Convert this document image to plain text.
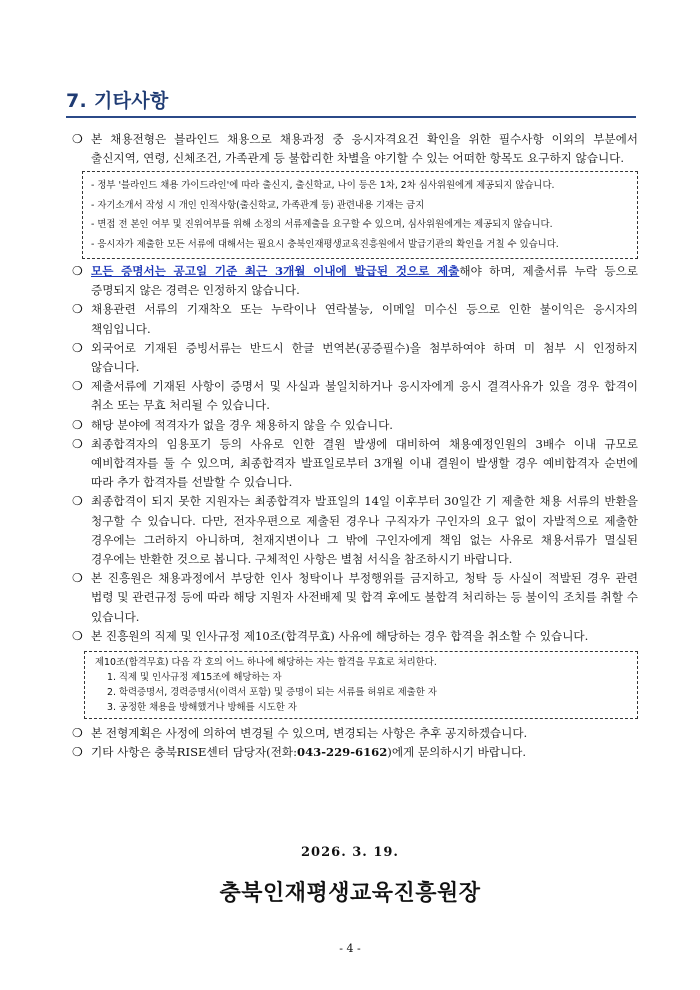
7. 기타사항
❍ 본 채용전형은 블라인드 채용으로 채용과정 중 응시자격요건 확인을 위한 필수사항 이외의 부분에서 출신지역, 연령, 신체조건, 가족관계 등 불합리한 차별을 야기할 수 있는 어떠한 항목도 요구하지 않습니다.
- 정부 '블라인드 채용 가이드라인'에 따라 출신지, 출신학교, 나이 등은 1차, 2차 심사위원에게 제공되지 않습니다.
- 자기소개서 작성 시 개인 인적사항(출신학교, 가족관계 등) 관련내용 기재는 금지
- 면접 전 본인 여부 및 진위여부를 위해 소정의 서류제출을 요구할 수 있으며, 심사위원에게는 제공되지 않습니다.
- 응시자가 제출한 모든 서류에 대해서는 필요시 충북인재평생교육진흥원에서 발급기관의 확인을 거칠 수 있습니다.
❍ 모든 증명서는 공고일 기준 최근 3개월 이내에 발급된 것으로 제출해야 하며, 제출서류 누락 등으로 증명되지 않은 경력은 인정하지 않습니다.
❍ 채용관련 서류의 기재착오 또는 누락이나 연락불능, 이메일 미수신 등으로 인한 불이익은 응시자의 책임입니다.
❍ 외국어로 기재된 증빙서류는 반드시 한글 번역본(공증필수)을 첨부하여야 하며 미 첨부 시 인정하지 않습니다.
❍ 제출서류에 기재된 사항이 증명서 및 사실과 불일치하거나 응시자에게 응시 결격사유가 있을 경우 합격이 취소 또는 무효 처리될 수 있습니다.
❍ 해당 분야에 적격자가 없을 경우 채용하지 않을 수 있습니다.
❍ 최종합격자의 임용포기 등의 사유로 인한 결원 발생에 대비하여 채용예정인원의 3배수 이내 규모로 예비합격자를 둘 수 있으며, 최종합격자 발표일로부터 3개월 이내 결원이 발생할 경우 예비합격자 순번에 따라 추가 합격자를 선발할 수 있습니다.
❍ 최종합격이 되지 못한 지원자는 최종합격자 발표일의 14일 이후부터 30일간 기 제출한 채용 서류의 반환을 청구할 수 있습니다. 다만, 전자우편으로 제출된 경우나 구직자가 구인자의 요구 없이 자발적으로 제출한 경우에는 그러하지 아니하며, 천재지변이나 그 밖에 구인자에게 책임 없는 사유로 채용서류가 멸실된 경우에는 반환한 것으로 봅니다. 구체적인 사항은 별첨 서식을 참조하시기 바랍니다.
❍ 본 진흥원은 채용과정에서 부당한 인사 청탁이나 부정행위를 금지하고, 청탁 등 사실이 적발된 경우 관련 법령 및 관련규정 등에 따라 해당 지원자 사전배제 및 합격 후에도 불합격 처리하는 등 불이익 조치를 취할 수 있습니다.
❍ 본 진흥원의 직제 및 인사규정 제10조(합격무효) 사유에 해당하는 경우 합격을 취소할 수 있습니다.
제10조(합격무효) 다음 각 호의 어느 하나에 해당하는 자는 합격을 무효로 처리한다.
1. 직제 및 인사규정 제15조에 해당하는 자
2. 학력증명서, 경력증명서(이력서 포함) 및 증명이 되는 서류를 허위로 제출한 자
3. 공정한 채용을 방해했거나 방해를 시도한 자
❍ 본 전형계획은 사정에 의하여 변경될 수 있으며, 변경되는 사항은 추후 공지하겠습니다.
❍ 기타 사항은 충북RISE센터 담당자(전화:043-229-6162)에게 문의하시기 바랍니다.
2026. 3. 19.
충북인재평생교육진흥원장
- 4 -
